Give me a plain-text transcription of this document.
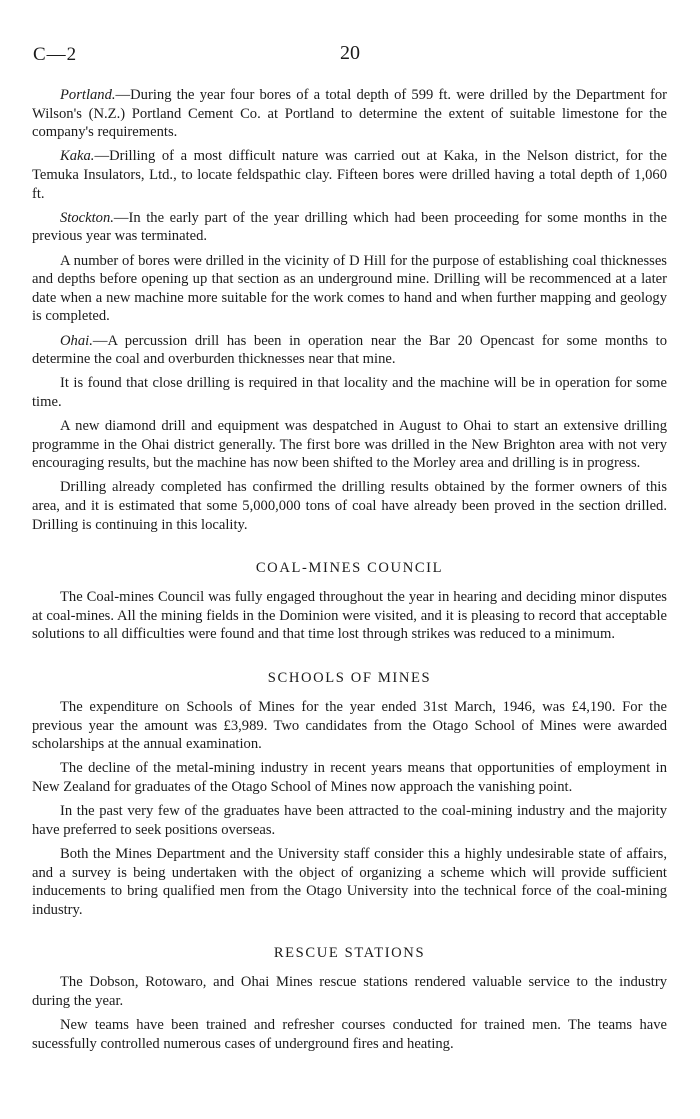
C—2	20

Portland.—During the year four bores of a total depth of 599 ft. were drilled by the Department for Wilson's (N.Z.) Portland Cement Co. at Portland to determine the extent of suitable limestone for the company's requirements.

Kaka.—Drilling of a most difficult nature was carried out at Kaka, in the Nelson district, for the Temuka Insulators, Ltd., to locate feldspathic clay. Fifteen bores were drilled having a total depth of 1,060 ft.

Stockton.—In the early part of the year drilling which had been proceeding for some months in the previous year was terminated.

A number of bores were drilled in the vicinity of D Hill for the purpose of establishing coal thicknesses and depths before opening up that section as an underground mine. Drilling will be recommenced at a later date when a new machine more suitable for the work comes to hand and when further mapping and geology is completed.

Ohai.—A percussion drill has been in operation near the Bar 20 Opencast for some months to determine the coal and overburden thicknesses near that mine.

It is found that close drilling is required in that locality and the machine will be in operation for some time.

A new diamond drill and equipment was despatched in August to Ohai to start an extensive drilling programme in the Ohai district generally. The first bore was drilled in the New Brighton area with not very encouraging results, but the machine has now been shifted to the Morley area and drilling is in progress.

Drilling already completed has confirmed the drilling results obtained by the former owners of this area, and it is estimated that some 5,000,000 tons of coal have already been proved in the section drilled. Drilling is continuing in this locality.

COAL-MINES COUNCIL

The Coal-mines Council was fully engaged throughout the year in hearing and deciding minor disputes at coal-mines. All the mining fields in the Dominion were visited, and it is pleasing to record that acceptable solutions to all difficulties were found and that time lost through strikes was reduced to a minimum.

SCHOOLS OF MINES

The expenditure on Schools of Mines for the year ended 31st March, 1946, was £4,190. For the previous year the amount was £3,989. Two candidates from the Otago School of Mines were awarded scholarships at the annual examination.

The decline of the metal-mining industry in recent years means that opportunities of employment in New Zealand for graduates of the Otago School of Mines now approach the vanishing point.

In the past very few of the graduates have been attracted to the coal-mining industry and the majority have preferred to seek positions overseas.

Both the Mines Department and the University staff consider this a highly undesirable state of affairs, and a survey is being undertaken with the object of organizing a scheme which will provide sufficient inducements to bring qualified men from the Otago University into the technical force of the coal-mining industry.

RESCUE STATIONS

The Dobson, Rotowaro, and Ohai Mines rescue stations rendered valuable service to the industry during the year.

New teams have been trained and refresher courses conducted for trained men. The teams have sucessfully controlled numerous cases of underground fires and heating.
